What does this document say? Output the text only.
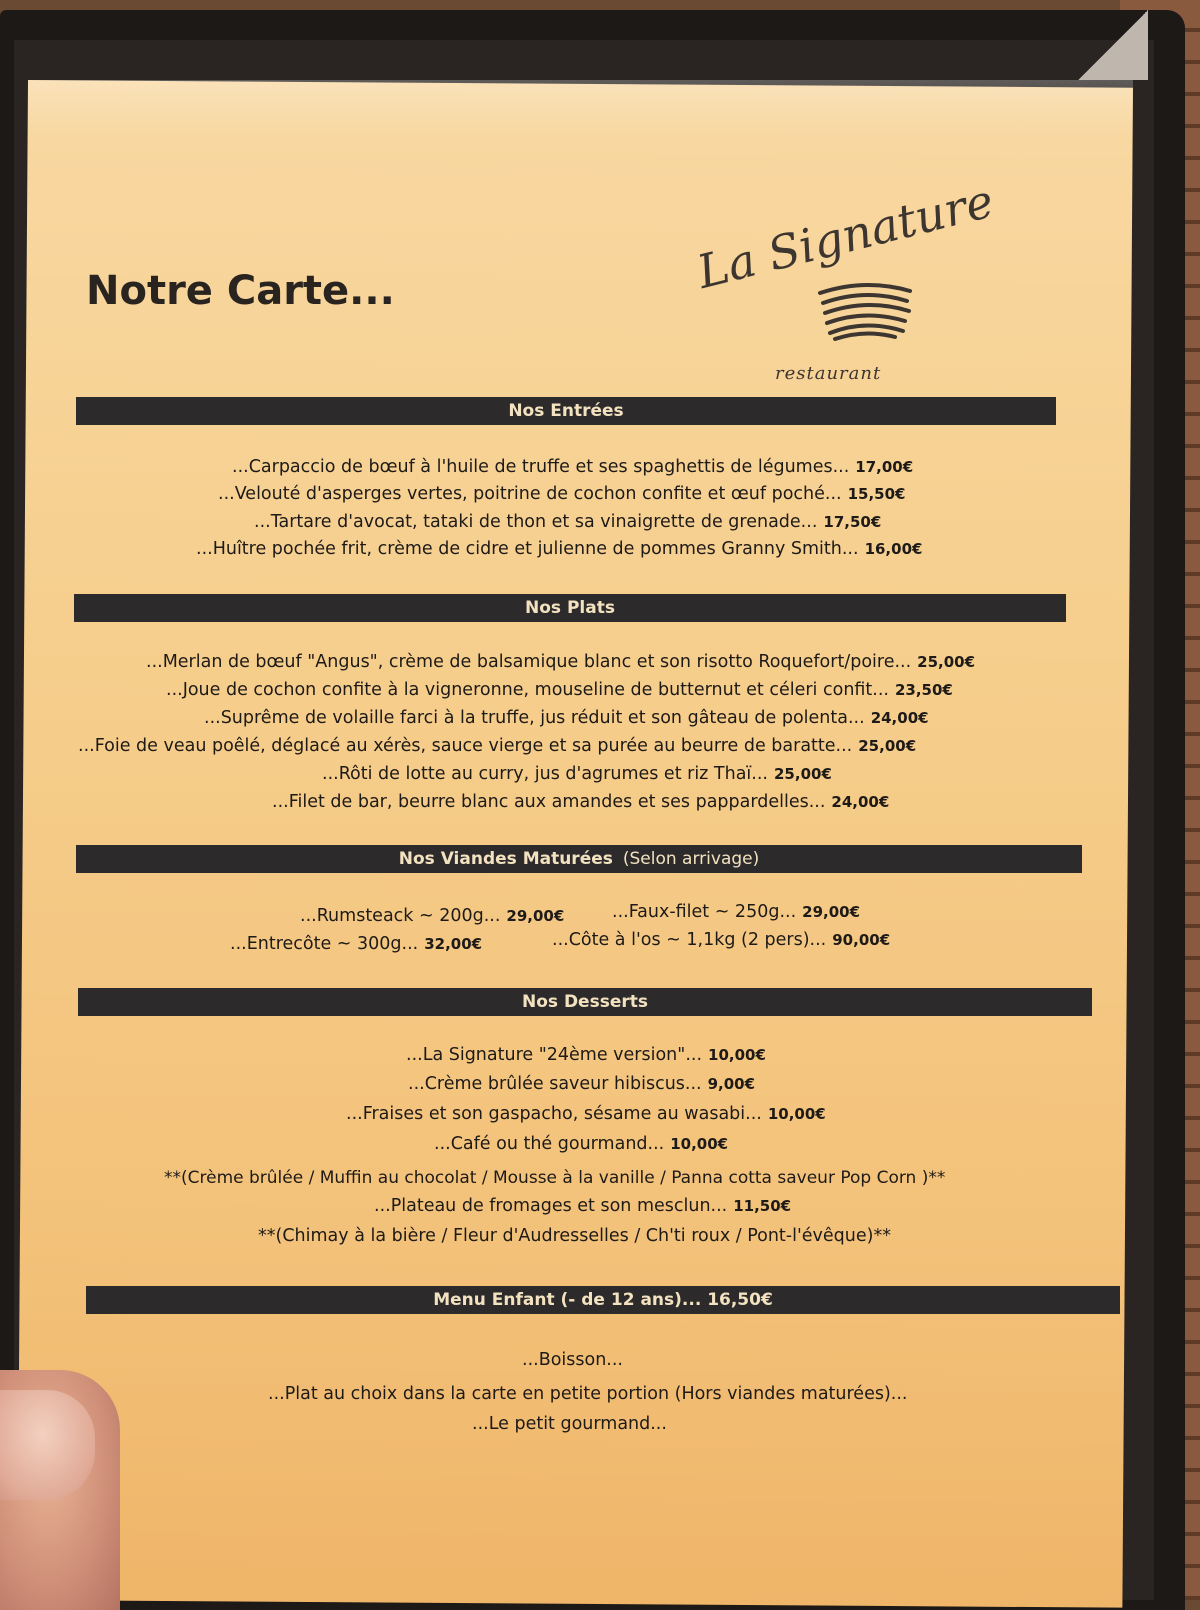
Notre Carte...	La Signature
restaurant
Nos Entrées
...Carpaccio de bœuf à l'huile de truffe et ses spaghettis de légumes... 17,00€
...Velouté d'asperges vertes, poitrine de cochon confite et œuf poché... 15,50€
...Tartare d'avocat, tataki de thon et sa vinaigrette de grenade... 17,50€
...Huître pochée frit, crème de cidre et julienne de pommes Granny Smith... 16,00€
Nos Plats
...Merlan de bœuf "Angus", crème de balsamique blanc et son risotto Roquefort/poire... 25,00€
...Joue de cochon confite à la vigneronne, mouseline de butternut et céleri confit... 23,50€
...Suprême de volaille farci à la truffe, jus réduit et son gâteau de polenta... 24,00€
...Foie de veau poêlé, déglacé au xérès, sauce vierge et sa purée au beurre de baratte... 25,00€
...Rôti de lotte au curry, jus d'agrumes et riz Thaï... 25,00€
...Filet de bar, beurre blanc aux amandes et ses pappardelles... 24,00€
Nos Viandes Maturées (Selon arrivage)
...Rumsteack ~ 200g... 29,00€	...Faux-filet ~ 250g... 29,00€
...Entrecôte ~ 300g... 32,00€	...Côte à l'os ~ 1,1kg (2 pers)... 90,00€
Nos Desserts
...La Signature "24ème version"... 10,00€
...Crème brûlée saveur hibiscus... 9,00€
...Fraises et son gaspacho, sésame au wasabi... 10,00€
...Café ou thé gourmand... 10,00€
**(Crème brûlée / Muffin au chocolat / Mousse à la vanille / Panna cotta saveur Pop Corn )**
...Plateau de fromages et son mesclun... 11,50€
**(Chimay à la bière / Fleur d'Audresselles / Ch'ti roux / Pont-l'évêque)**
Menu Enfant (- de 12 ans)... 16,50€
...Boisson...
...Plat au choix dans la carte en petite portion (Hors viandes maturées)...
...Le petit gourmand...
